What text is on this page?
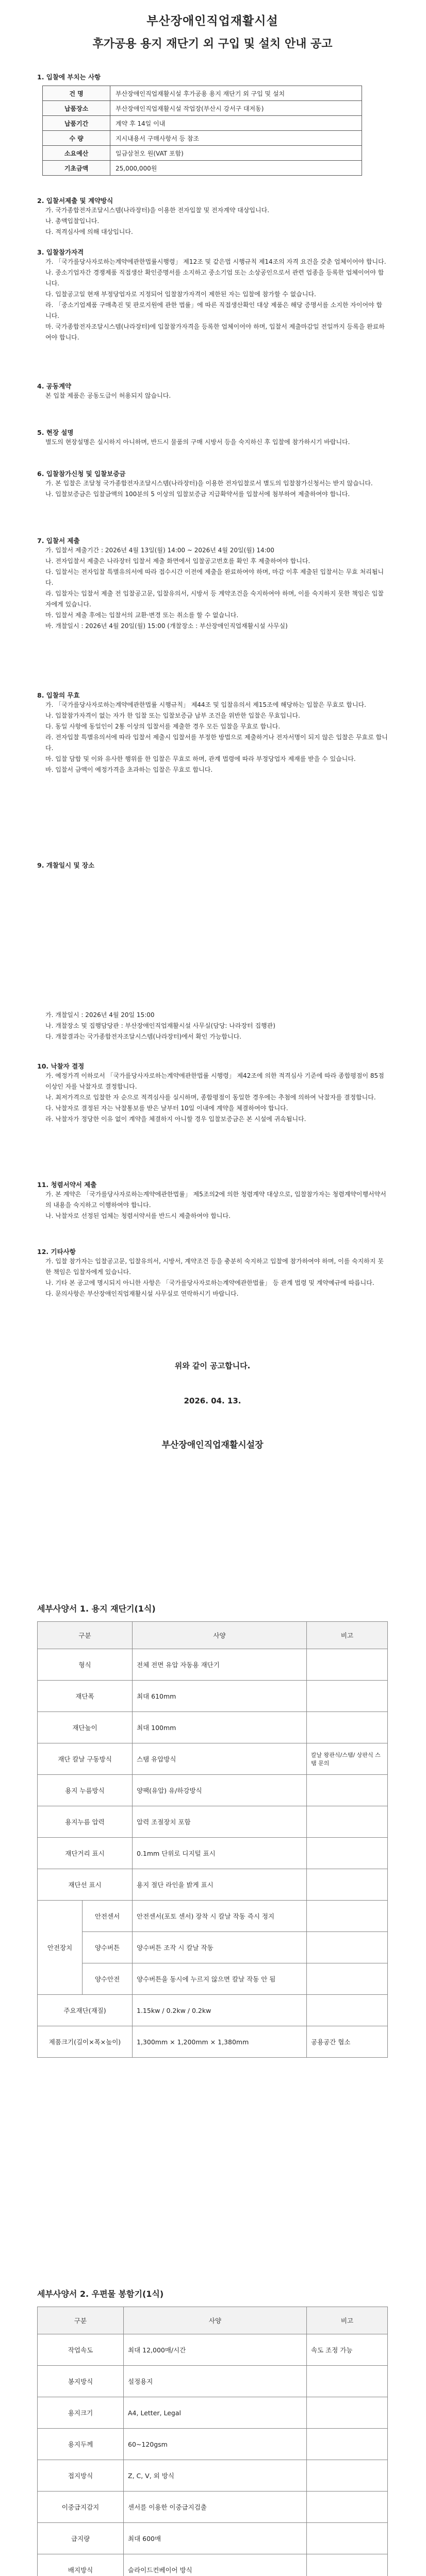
부산장애인직업재활시설
후가공용 용지 재단기 외 구입 및 설치 안내 공고

1. 입찰에 부치는 사항

건 명	부산장애인직업재활시설 후가공용 용지 재단기 외 구입 및 설치
납품장소	부산장애인직업재활시설 작업장(부산시 강서구 대저동)
납품기간	계약 후 14일 이내
수 량	지시내용서 구매사항서 등 참조
소요예산	일금삼천오 원(VAT 포함)
기초금액	25,000,000원

2. 입찰서제출 및 계약방식

가. 국가종합전자조달시스템(나라장터)을 이용한 전자입찰 및 전자계약 대상입니다.

나. 총액입찰입니다.

다. 적격심사에 의해 대상입니다.

3. 입찰참가자격

가. 「국가를당사자로하는계약에관한법률시행령」 제12조 및 같은법 시행규칙 제14조의 자격 요건을 갖춘 업체이어야 합니다.

나. 중소기업자간 경쟁제품 직접생산 확인증명서를 소지하고 중소기업 또는 소상공인으로서 관련 업종을 등록한 업체이어야 합니다.

다. 입찰공고일 현재 부정당업자로 지정되어 입찰참가자격이 제한된 자는 입찰에 참가할 수 없습니다.

라. 「중소기업제품 구매촉진 및 판로지원에 관한 법률」에 따른 직접생산확인 대상 제품은 해당 증명서를 소지한 자이어야 합니다.

마. 국가종합전자조달시스템(나라장터)에 입찰참가자격을 등록한 업체이어야 하며, 입찰서 제출마감일 전일까지 등록을 완료하여야 합니다.

4. 공동계약

본 입찰 제품은 공동도급이 허용되지 않습니다.

5. 현장 설명

별도의 현장설명은 실시하지 아니하며, 반드시 물품의 구매 시방서 등을 숙지하신 후 입찰에 참가하시기 바랍니다.

6. 입찰참가신청 및 입찰보증금

가. 본 입찰은 조달청 국가종합전자조달시스템(나라장터)을 이용한 전자입찰로서 별도의 입찰참가신청서는 받지 않습니다.

나. 입찰보증금은 입찰금액의 100분의 5 이상의 입찰보증금 지급확약서를 입찰서에 첨부하여 제출하여야 합니다.

7. 입찰서 제출

가. 입찰서 제출기간 : 2026년 4월 13일(월) 14:00 ~ 2026년 4월 20일(월) 14:00

나. 전자입찰서 제출은 나라장터 입찰서 제출 화면에서 입찰공고번호를 확인 후 제출하여야 합니다.

다. 입찰서는 전자입찰 특별유의서에 따라 접수시간 이전에 제출을 완료하여야 하며, 마감 이후 제출된 입찰서는 무효 처리됩니다.

라. 입찰자는 입찰서 제출 전 입찰공고문, 입찰유의서, 시방서 등 계약조건을 숙지하여야 하며, 이를 숙지하지 못한 책임은 입찰자에게 있습니다.

마. 입찰서 제출 후에는 입찰서의 교환·변경 또는 취소를 할 수 없습니다.

바. 개찰일시 : 2026년 4월 20일(월) 15:00 (개찰장소 : 부산장애인직업재활시설 사무실)

8. 입찰의 무효

가. 「국가를당사자로하는계약에관한법률 시행규칙」 제44조 및 입찰유의서 제15조에 해당하는 입찰은 무효로 합니다.

나. 입찰참가자격이 없는 자가 한 입찰 또는 입찰보증금 납부 조건을 위반한 입찰은 무효입니다.

다. 동일 사항에 동일인이 2통 이상의 입찰서를 제출한 경우 모든 입찰을 무효로 합니다.

라. 전자입찰 특별유의서에 따라 입찰서 제출시 입찰서를 부정한 방법으로 제출하거나 전자서명이 되지 않은 입찰은 무효로 합니다.

마. 입찰 담합 및 이와 유사한 행위를 한 입찰은 무효로 하며, 관계 법령에 따라 부정당업자 제재를 받을 수 있습니다.

바. 입찰서 금액이 예정가격을 초과하는 입찰은 무효로 합니다.

9. 개찰일시 및 장소

가. 개찰일시 : 2026년 4월 20일 15:00

나. 개찰장소 및 집행담당관 : 부산장애인직업재활시설 사무실(담당: 나라장터 집행관)

다. 개찰결과는 국가종합전자조달시스템(나라장터)에서 확인 가능합니다.

10. 낙찰자 결정

가. 예정가격 이하로서 「국가를당사자로하는계약에관한법률 시행령」 제42조에 의한 적격심사 기준에 따라 종합평점이 85점 이상인 자를 낙찰자로 결정합니다.

나. 최저가격으로 입찰한 자 순으로 적격심사를 실시하며, 종합평점이 동일한 경우에는 추첨에 의하여 낙찰자를 결정합니다.

다. 낙찰자로 결정된 자는 낙찰통보를 받은 날부터 10일 이내에 계약을 체결하여야 합니다.

라. 낙찰자가 정당한 이유 없이 계약을 체결하지 아니할 경우 입찰보증금은 본 시설에 귀속됩니다.

11. 청렴서약서 제출

가. 본 계약은 「국가를당사자로하는계약에관한법률」 제5조의2에 의한 청렴계약 대상으로, 입찰참가자는 청렴계약이행서약서의 내용을 숙지하고 이행하여야 합니다.

나. 낙찰자로 선정된 업체는 청렴서약서를 반드시 제출하여야 합니다.

12. 기타사항

가. 입찰 참가자는 입찰공고문, 입찰유의서, 시방서, 계약조건 등을 충분히 숙지하고 입찰에 참가하여야 하며, 이를 숙지하지 못한 책임은 입찰자에게 있습니다.

나. 기타 본 공고에 명시되지 아니한 사항은 「국가를당사자로하는계약에관한법률」 등 관계 법령 및 계약예규에 따릅니다.

다. 문의사항은 부산장애인직업재활시설 사무실로 연락하시기 바랍니다.

위와 같이 공고합니다.
2026. 04. 13.
부산장애인직업재활시설장
세부사양서 1. 용지 재단기(1식)
구분		사양	비고
형식		전체 전면 유압 자동용 재단기	
재단폭		최대 610mm	
재단높이		최대 100mm	
재단 칼날 구동방식		스탬 유압방식	칼날 왕관식/스탬/ 상판식 스탬 문의
용지 누름방식		양팩(유압) 유/하강방식	
용지누름 압력		압력 조절장치 포함	
재단거리 표시		0.1mm 단위로 디지털 표시	
재단선 표시		용지 절단 라인을 밝게 표시	
안전장치	안전센서	안전센서(포토 센서) 장착 시 칼날 작동 즉시 정지	
	양수버튼	양수버튼 조작 시 칼날 작동	
	양수안전	양수버튼을 동시에 누르지 않으면 칼날 작동 안 됨	
주요재단(재질)		1.15kw / 0.2kw / 0.2kw	
제품크기(길이×폭×높이)		1,300mm × 1,200mm × 1,380mm	공용공간 협소
세부사양서 2. 우편물 봉함기(1식)
구분	사양	비고
작업속도	최대 12,000매/시간	속도 조정 가능
봉지방식	설정용지	
용지크기	A4, Letter, Legal	
용지두께	60~120gsm	
접지방식	Z, C, V, 외 방식	
이중급지감지	센서를 이용한 이중급지검출	
급지량	최대 600매	
배지방식	슬라이드컨베이어 방식	
